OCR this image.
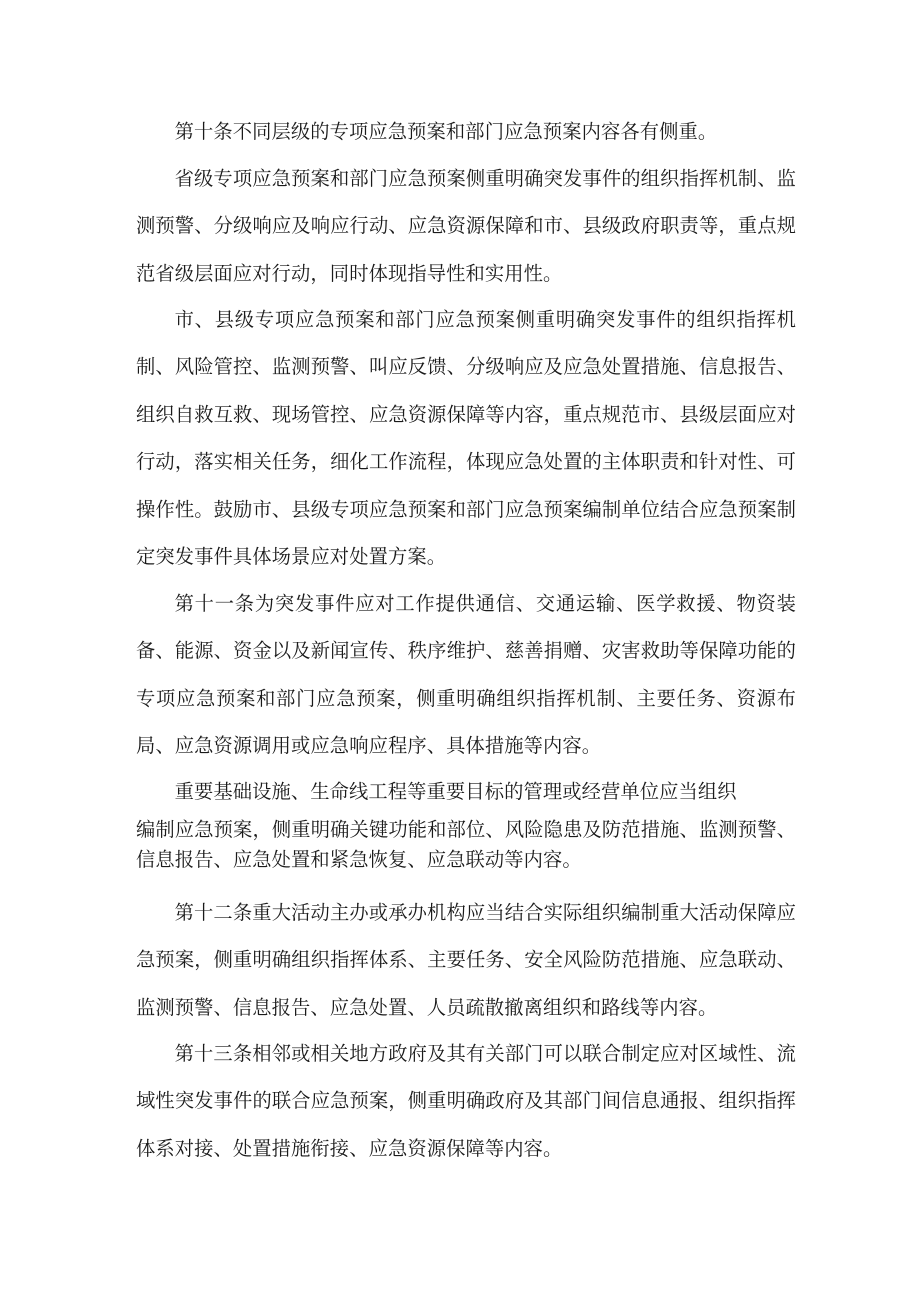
第十条不同层级的专项应急预案和部门应急预案内容各有侧重。

省级专项应急预案和部门应急预案侧重明确突发事件的组织指挥机制、监测预警、分级响应及响应行动、应急资源保障和市、县级政府职责等，重点规范省级层面应对行动，同时体现指导性和实用性。

市、县级专项应急预案和部门应急预案侧重明确突发事件的组织指挥机制、风险管控、监测预警、叫应反馈、分级响应及应急处置措施、信息报告、组织自救互救、现场管控、应急资源保障等内容，重点规范市、县级层面应对行动，落实相关任务，细化工作流程，体现应急处置的主体职责和针对性、可操作性。鼓励市、县级专项应急预案和部门应急预案编制单位结合应急预案制定突发事件具体场景应对处置方案。

第十一条为突发事件应对工作提供通信、交通运输、医学救援、物资装备、能源、资金以及新闻宣传、秩序维护、慈善捐赠、灾害救助等保障功能的专项应急预案和部门应急预案，侧重明确组织指挥机制、主要任务、资源布局、应急资源调用或应急响应程序、具体措施等内容。

重要基础设施、生命线工程等重要目标的管理或经营单位应当组织

编制应急预案，侧重明确关键功能和部位、风险隐患及防范措施、监测预警、信息报告、应急处置和紧急恢复、应急联动等内容。

第十二条重大活动主办或承办机构应当结合实际组织编制重大活动保障应急预案，侧重明确组织指挥体系、主要任务、安全风险防范措施、应急联动、监测预警、信息报告、应急处置、人员疏散撤离组织和路线等内容。

第十三条相邻或相关地方政府及其有关部门可以联合制定应对区域性、流域性突发事件的联合应急预案，侧重明确政府及其部门间信息通报、组织指挥体系对接、处置措施衔接、应急资源保障等内容。
